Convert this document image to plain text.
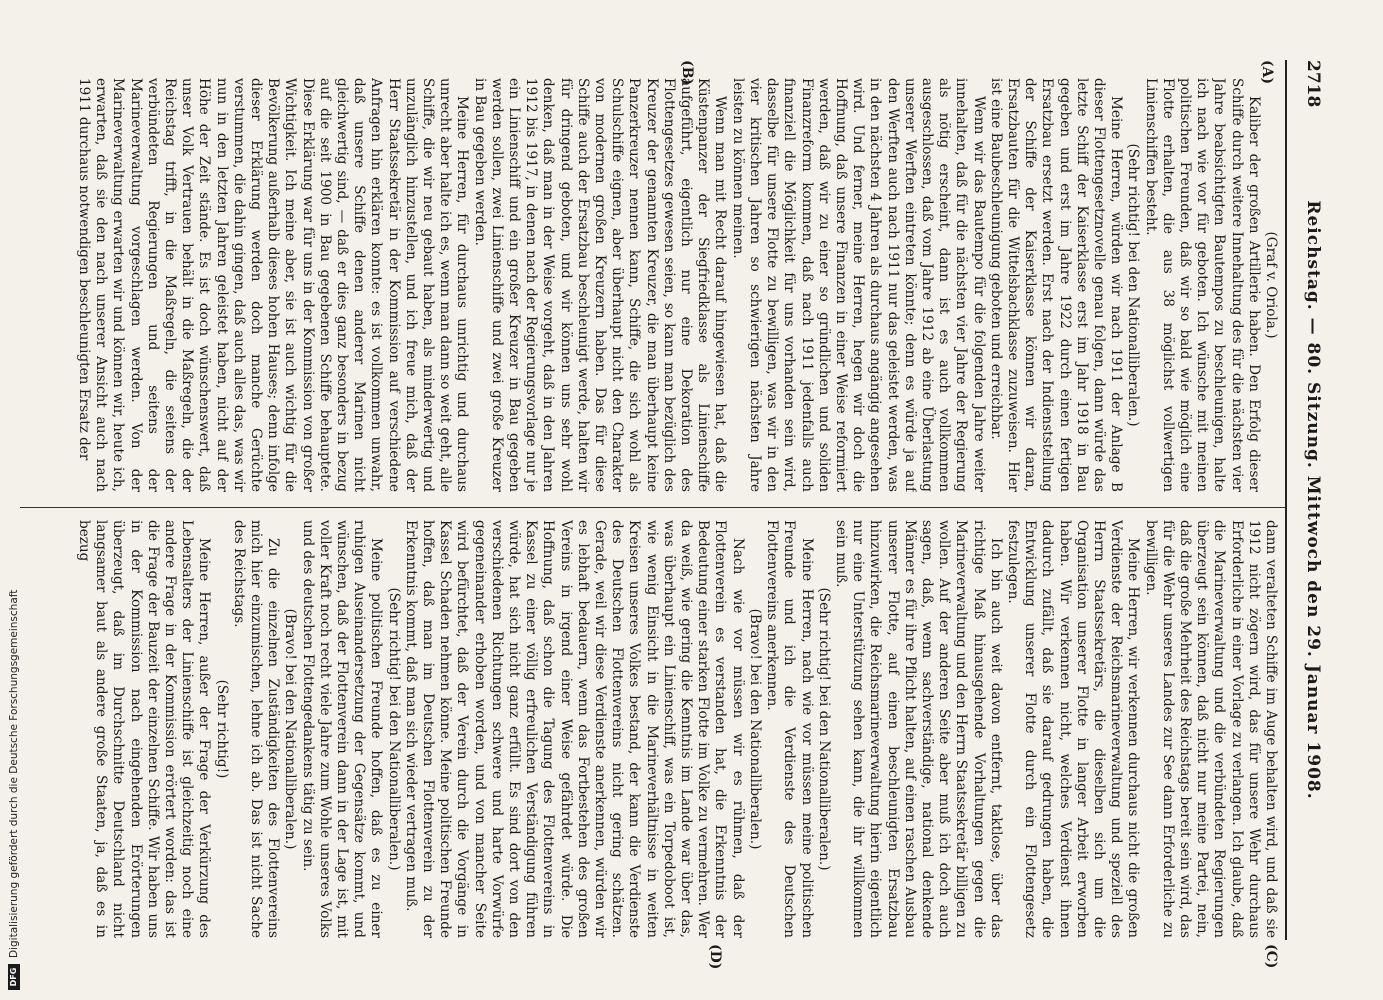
DFG
Digitalisierung gefördert durch die Deutsche Forschungsgemeinschaft
2718
Reichstag. — 80. Sitzung. Mittwoch den 29. Januar 1908.
(A)
(B)
(C)
(D)

(Graf v. Oriola.)

Kaliber der großen Artillerie haben. Den Erfolg dieser Schiffe durch weitere Innehaltung des für die nächsten vier Jahre beabsichtigten Bautempos zu beschleunigen, halte ich nach wie vor für geboten. Ich wünsche mit meinen politischen Freunden, daß wir so bald wie möglich eine Flotte erhalten, die aus 38 möglichst vollwertigen Linienschiffen besteht.

(Sehr richtig! bei den Nationalliberalen.)

Meine Herren, würden wir nach 1911 der Anlage B dieser Flottengesetznovelle genau folgen, dann würde das letzte Schiff der Kaiserklasse erst im Jahr 1918 in Bau gegeben und erst im Jahre 1922 durch einen fertigen Ersatzbau ersetzt werden. Erst nach der Indienststellung der Schiffe der Kaiserklasse können wir daran, Ersatzbauten für die Wittelsbachklasse zuzuweisen. Hier ist eine Baubeschleunigung geboten und erreichbar.

Wenn wir das Bautempo für die folgenden Jahre weiter innehalten, daß für die nächsten vier Jahre der Regierung als nötig erscheint, dann ist es auch vollkommen ausgeschlossen, daß vom Jahre 1912 ab eine Überlastung unserer Werften eintreten könnte; denn es würde ja auf den Werften auch nach 1911 nur das geleistet werden, was in den nächsten 4 Jahren als durchaus angängig angesehen wird. Und ferner, meine Herren, hegen wir doch die Hoffnung, daß unsere Finanzen in einer Weise reformiert werden, daß wir zu einer so gründlichen und soliden Finanzreform kommen, daß nach 1911 jedenfalls auch finanziell die Möglichkeit für uns vorhanden sein wird, dasselbe für unsere Flotte zu bewilligen, was wir in den vier kritischen Jahren so schwierigen nächsten Jahre leisten zu können meinen.

Wenn man mit Recht darauf hingewiesen hat, daß die Küstenpanzer der Siegfriedklasse als Linienschiffe aufgeführt, eigentlich nur eine Dekoration des Flottengesetzes gewesen seien, so kann man bezüglich des Kreuzer der genannten Kreuzer, die man überhaupt keine Panzerkreuzer nennen kann, Schiffe, die sich wohl als Schulschiffe eignen, aber überhaupt nicht den Charakter von modernen großen Kreuzern haben. Das für diese Schiffe auch der Ersatzbau beschleunigt werde, halten wir für dringend geboten, und wir können uns sehr wohl denken, daß man in der Weise vorgeht, daß in den Jahren 1912 bis 1917, in denen nach der Regierungsvorlage nur je ein Linienschiff und ein großer Kreuzer in Bau gegeben werden sollen, zwei Linienschiffe und zwei große Kreuzer in Bau gegeben werden.

Meine Herren, für durchaus unrichtig und durchaus unrecht aber halte ich es, wenn man dann so weit geht, alle Schiffe, die wir neu gebaut haben, als minderwertig und unzulänglich hinzustellen, und ich freue mich, daß der Herr Staatssekretär in der Kommission auf verschiedene Anfragen hin erklären konnte: es ist vollkommen unwahr, daß unsere Schiffe denen anderer Marinen nicht gleichwertig sind, — daß er dies ganz besonders in bezug auf die seit 1900 in Bau gegebenen Schiffe behauptete. Diese Erklärung war für uns in der Kommission von großer Wichtigkeit. Ich meine aber, sie ist auch wichtig für die Bevölkerung außerhalb dieses hohen Hauses; denn infolge dieser Erklärung werden doch manche Gerüchte verstummen, die dahin gingen, daß auch alles das, was wir nun in den letzten Jahren geleistet haben, nicht auf der Höhe der Zeit stände. Es ist doch wünschenswert, daß unser Volk Vertrauen behält in die Maßregeln, die der Reichstag trifft, in die Maßregeln, die seitens der verbündeten Regierungen und seitens der Marineverwaltung vorgeschlagen werden. Von der Marineverwaltung erwarten wir und können wir, heute ich, erwarten, daß sie den nach unserer Ansicht auch nach 1911 durchaus notwendigen beschleunigten Ersatz der

dann veralteten Schiffe im Auge behalten wird, und daß sie 1912 nicht zögern wird, das für unsere Wehr durchaus Erforderliche in einer Vorlage zu verlangen. Ich glaube, daß die Marineverwaltung und die verbündeten Regierungen überzeugt sein können, daß nicht nur meine Partei, nein, daß die große Mehrheit des Reichstags bereit sein wird, das für die Wehr unseres Landes zur See dann Erforderliche zu bewilligen.

Meine Herren, wir verkennen durchaus nicht die großen Verdienste der Reichsmarineverwaltung und speziell des Herrn Staatssekretärs, die dieselben sich um die Organisation unserer Flotte in langer Arbeit erworben haben. Wir verkennen nicht, welches Verdienst ihnen dadurch zufällt, daß sie darauf gedrungen haben, die Entwicklung unserer Flotte durch ein Flottengesetz festzulegen.

Ich bin auch weit davon entfernt, taktlose, über das richtige Maß hinausgehende Vorhaltungen gegen die Marineverwaltung und den Herrn Staatssekretär billigen zu wollen. Auf der anderen Seite aber muß ich doch auch sagen, daß, wenn sachverständige, national denkende Männer es für ihre Pflicht halten, auf einen raschen Ausbau unserer Flotte, auf einen beschleunigten Ersatzbau hinzuwirken, die Reichsmarineverwaltung hierin eigentlich nur eine Unterstützung sehen kann, die ihr willkommen sein muß.

(Sehr richtig! bei den Nationalliberalen.)

Meine Herren, nach wie vor müssen meine politischen Freunde und ich die Verdienste des Deutschen Flottenvereins anerkennen.

(Bravo! bei den Nationalliberalen.)

Nach wie vor müssen wir es rühmen, daß der Flottenverein es verstanden hat, die Erkenntnis der Bedeutung einer starken Flotte im Volke zu vermehren. Wer da weiß, wie gering die Kenntnis im Lande war über das, was überhaupt ein Linienschiff, was ein Torpedoboot ist, wie wenig Einsicht in die Marineverhältnisse in weiten Kreisen unseres Volkes bestand, der kann die Verdienste des Deutschen Flottenvereins nicht gering schätzen. Gerade, weil wir diese Verdienste anerkennen, würden wir es lebhaft bedauern, wenn das Fortbestehen des großen Vereins in irgend einer Weise gefährdet würde. Die Hoffnung, daß schon die Tagung des Flottenvereins in Kassel zu einer völlig erfreulichen Verständigung führen würde, hat sich nicht ganz erfüllt. Es sind dort von den verschiedenen Richtungen schwere und harte Vorwürfe gegeneinander erhoben worden, und von mancher Seite wird befürchtet, daß der Verein durch die Vorgänge in Kassel Schaden nehmen könne. Meine politischen Freunde hoffen, daß man im Deutschen Flottenverein zu der Erkenntnis kommt, daß man sich wieder vertragen muß.

(Sehr richtig! bei den Nationalliberalen.)

Meine politischen Freunde hoffen, daß es zu einer ruhigen Auseinandersetzung der Gegensätze kommt, und wünschen, daß der Flottenverein dann in der Lage ist, mit voller Kraft noch recht viele Jahre zum Wohle unseres Volks und des deutschen Flottengedankens tätig zu sein.

(Bravo! bei den Nationalliberalen.)

Zu die einzelnen Zuständigkeiten des Flottenvereins mich hier einzumischen, lehne ich ab. Das ist nicht Sache des Reichstags.

(Sehr richtig!)

Meine Herren, außer der Frage der Verkürzung des Lebensalters der Linienschiffe ist gleichzeitig noch eine andere Frage in der Kommission erörtert worden: das ist die Frage der Bauzeit der einzelnen Schiffe. Wir haben uns in der Kommission nach eingehenden Erörterungen überzeugt, daß im Durchschnitte Deutschland nicht langsamer baut als andere große Staaten, ja, daß es in bezug
